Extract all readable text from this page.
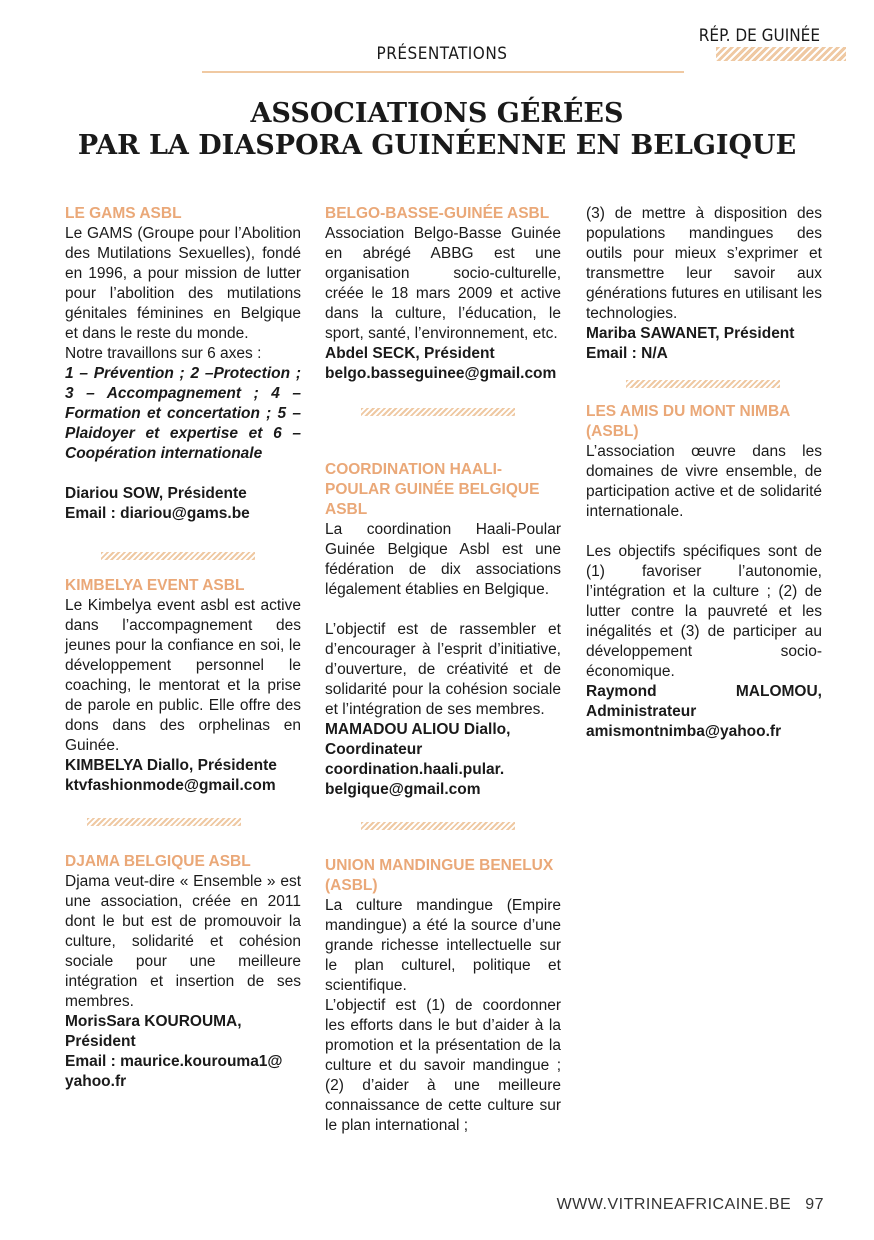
PRÉSENTATIONS
RÉP. DE GUINÉE
ASSOCIATIONS GÉRÉES
PAR LA DIASPORA GUINÉENNE EN BELGIQUE
LE GAMS ASBL
Le GAMS (Groupe pour l’Abolition des Mutilations Sexuelles), fondé en 1996, a pour mission de lutter pour l’abolition des mutilations génitales féminines en Belgique et dans le reste du monde.
Notre travaillons sur 6 axes :
1 – Prévention ; 2 –Protection ; 3 – Accompagnement ; 4 – Formation et concertation ; 5 – Plaidoyer et expertise et 6 – Coopération internationale
Diariou SOW, Présidente
Email : diariou@gams.be
KIMBELYA EVENT ASBL
Le Kimbelya event asbl est active dans l’accompagnement des jeunes pour la confiance en soi, le développement personnel le coaching, le mentorat et la prise de parole en public. Elle offre des dons dans des orphelinas en Guinée.
KIMBELYA Diallo, Présidente
ktvfashionmode@gmail.com
DJAMA BELGIQUE ASBL
Djama veut-dire « Ensemble » est une association, créée en 2011 dont le but est de promouvoir la culture, solidarité et cohésion sociale pour une meilleure intégration et insertion de ses membres.
MorisSara KOUROUMA,
Président
Email : maurice.kourouma1@ yahoo.fr
BELGO-BASSE-GUINÉE ASBL
Association Belgo-Basse Guinée en abrégé ABBG est une organisation socio-culturelle, créée le 18 mars 2009 et active dans la culture, l’éducation, le sport, santé, l’environnement, etc.
Abdel SECK, Président
belgo.basseguinee@gmail.com
COORDINATION HAALI-POULAR GUINÉE BELGIQUE ASBL
La coordination Haali-Poular Guinée Belgique Asbl est une fédération de dix associations légalement établies en Belgique.
L’objectif est de rassembler et d’encourager à l’esprit d’initiative, d’ouverture, de créativité et de solidarité pour la cohésion sociale et l’intégration de ses membres.
MAMADOU ALIOU Diallo,
Coordinateur
coordination.haali.pular. belgique@gmail.com
UNION MANDINGUE BENELUX (ASBL)
La culture mandingue (Empire mandingue) a été la source d’une grande richesse intellectuelle sur le plan culturel, politique et scientifique.
L’objectif est (1) de coordonner les efforts dans le but d’aider à la promotion et la présentation de la culture et du savoir mandingue ; (2) d’aider à une meilleure connaissance de cette culture sur le plan international ;
(3) de mettre à disposition des populations mandingues des outils pour mieux s’exprimer et transmettre leur savoir aux générations futures en utilisant les technologies.
Mariba SAWANET, Président
Email : N/A
LES AMIS DU MONT NIMBA (ASBL)
L’association œuvre dans les domaines de vivre ensemble, de participation active et de solidarité internationale.
Les objectifs spécifiques sont de (1) favoriser l’autonomie, l’intégration et la culture ; (2) de lutter contre la pauvreté et les inégalités et (3) de participer au développement socio-économique.
Raymond MALOMOU,
Administrateur
amismontnimba@yahoo.fr
WWW.VITRINEAFRICAINE.BE 97
